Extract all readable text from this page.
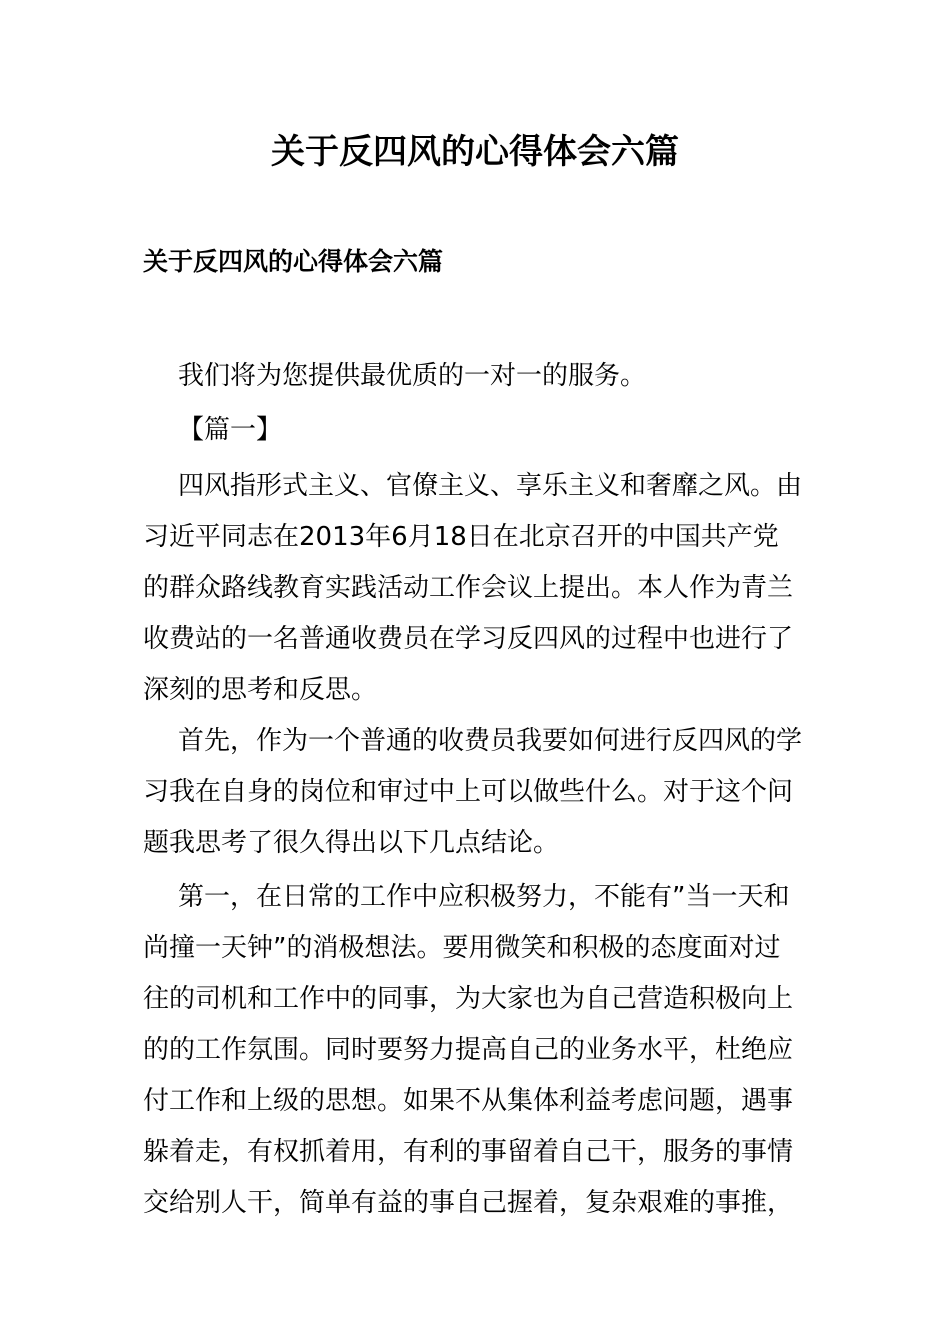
关于反四风的心得体会六篇
关于反四风的心得体会六篇

我们将为您提供最优质的一对一的服务。

【篇一】

四风指形式主义、官僚主义、享乐主义和奢靡之风。由

习近平同志在2013年6月18日在北京召开的中国共产党

的群众路线教育实践活动工作会议上提出。本人作为青兰

收费站的一名普通收费员在学习反四风的过程中也进行了

深刻的思考和反思。

首先，作为一个普通的收费员我要如何进行反四风的学

习我在自身的岗位和审过中上可以做些什么。对于这个问

题我思考了很久得出以下几点结论。

第一，在日常的工作中应积极努力，不能有”当一天和

尚撞一天钟”的消极想法。要用微笑和积极的态度面对过

往的司机和工作中的同事，为大家也为自己营造积极向上

的的工作氛围。同时要努力提高自己的业务水平，杜绝应

付工作和上级的思想。如果不从集体利益考虑问题，遇事

躲着走，有权抓着用，有利的事留着自己干，服务的事情

交给别人干，简单有益的事自己握着，复杂艰难的事推，
